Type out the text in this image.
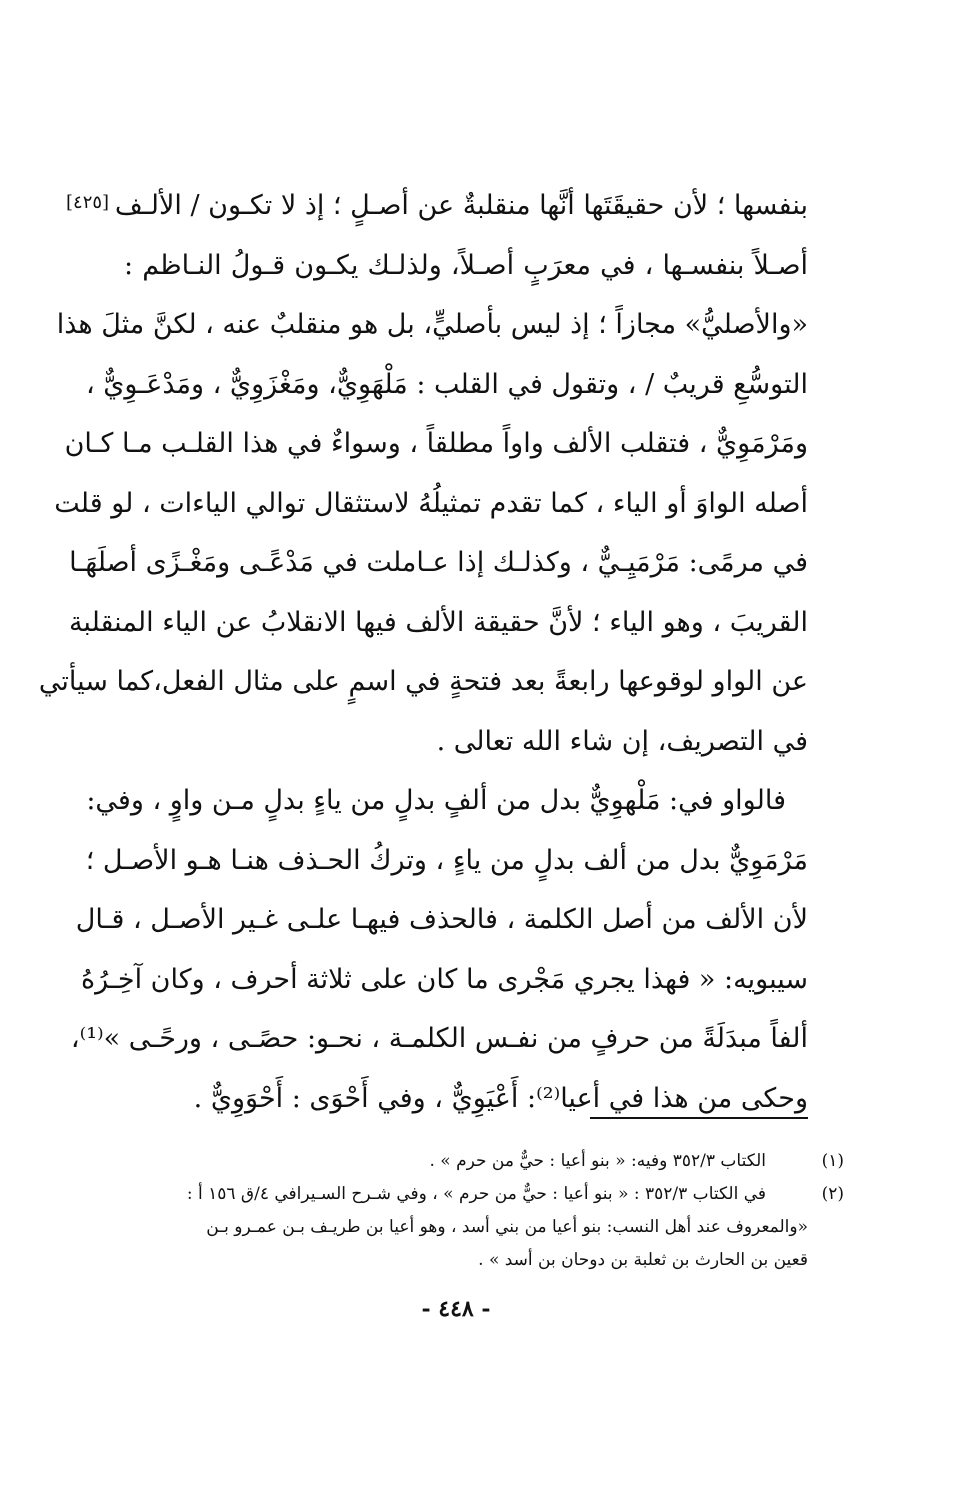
[٤٢٥] بنفسها ؛ لأن حقيقَتَها أنَّها منقلبةٌ عن أصـلٍ ؛ إذ لا تكـون / الألـف
أصـلاً بنفسـها ، في معرَبٍ أصـلاً، ولذلـك يكـون قـولُ النـاظم :
«والأصليُّ» مجازاً ؛ إذ ليس بأصليٍّ، بل هو منقلبٌ عنه ، لكنَّ مثلَ هذا
التوسُّعِ قريبٌ / ، وتقول في القلب : مَلْهَوِيٌّ، ومَغْزَوِيٌّ ، ومَدْعَـوِيٌّ ،
ومَرْمَوِيٌّ ، فتقلب الألف واواً مطلقاً ، وسواءٌ في هذا القلـب مـا كـان
أصله الواوَ أو الياء ، كما تقدم تمثيلُهُ لاستثقال توالي الياءات ، لو قلت
في مرمًى: مَرْمَيِـيٌّ ، وكذلـك إذا عـاملت في مَدْعًـى ومَغْـزًى أصلَهَـا
القريبَ ، وهو الياء ؛ لأنَّ حقيقة الألف فيها الانقلابُ عن الياء المنقلبة
عن الواو لوقوعها رابعةً بعد فتحةٍ في اسمٍ على مثال الفعل،كما سيأتي
في التصريف، إن شاء الله تعالى .
فالواو في: مَلْهوِيٌّ بدل من ألفٍ بدلٍ من ياءٍ بدلٍ مـن واوٍ ، وفي:
مَرْمَوِيٌّ بدل من ألف بدلٍ من ياءٍ ، وتركُ الحـذف هنـا هـو الأصـل ؛
لأن الألف من أصل الكلمة ، فالحذف فيهـا علـى غـير الأصـل ، قـال
سيبويه: « فهذا يجري مَجْرى ما كان على ثلاثة أحرف ، وكان آخِـرُهُ
ألفاً مبدَلَةً من حرفٍ من نفـس الكلمـة ، نحـو: حصًـى ، ورحًـى »⁽¹⁾،
وحكى من هذا في أعيا⁽²⁾: أَعْيَوِيٌّ ، وفي أَحْوَى : أَحْوَوِيٌّ .
(١)
الكتاب ٣٥٢/٣ وفيه: « بنو أعيا : حيٌّ من حرم » .
(٢)
في الكتاب ٣٥٢/٣ : « بنو أعيا : حيٌّ من حرم » ، وفي شـرح السـيرافي ٤/ق ١٥٦ أ :
«والمعروف عند أهل النسب: بنو أعيا من بني أسد ، وهو أعيا بن طريـف بـن عمـرو بـن
قعين بن الحارث بن ثعلبة بن دوحان بن أسد » .
- ٤٤٨ -
